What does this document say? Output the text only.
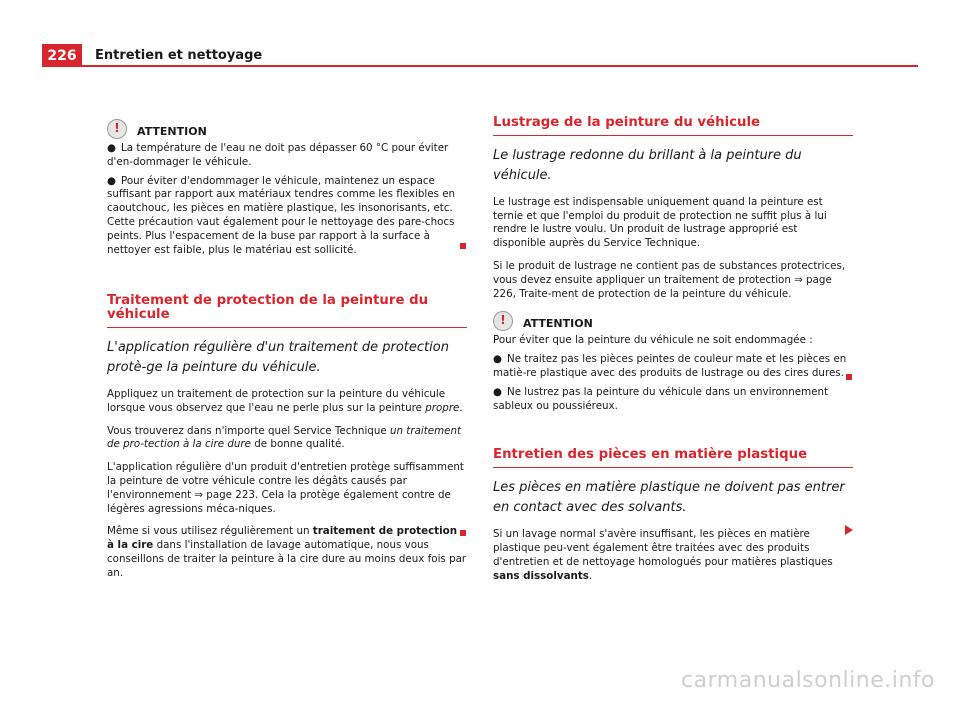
226	Entretien et nettoyage
!	ATTENTION

● La température de l'eau ne doit pas dépasser 60 °C pour éviter d'en-dommager le véhicule.

● Pour éviter d'endommager le véhicule, maintenez un espace suffisant par rapport aux matériaux tendres comme les flexibles en caoutchouc, les pièces en matière plastique, les insonorisants, etc. Cette précaution vaut également pour le nettoyage des pare-chocs peints. Plus l'espacement de la buse par rapport à la surface à nettoyer est faible, plus le matériau est sollicité.

Traitement de protection de la peinture du véhicule

L'application régulière d'un traitement de protection protè-ge la peinture du véhicule.

Appliquez un traitement de protection sur la peinture du véhicule lorsque vous observez que l'eau ne perle plus sur la peinture propre.

Vous trouverez dans n'importe quel Service Technique un traitement de pro-tection à la cire dure de bonne qualité.

L'application régulière d'un produit d'entretien protège suffisamment la peinture de votre véhicule contre les dégâts causés par l'environnement ⇒ page 223. Cela la protège également contre de légères agressions méca-niques.

Même si vous utilisez régulièrement un traitement de protection à la cire dans l'installation de lavage automatique, nous vous conseillons de traiter la peinture à la cire dure au moins deux fois par an.

Lustrage de la peinture du véhicule

Le lustrage redonne du brillant à la peinture du véhicule.

Le lustrage est indispensable uniquement quand la peinture est ternie et que l'emploi du produit de protection ne suffit plus à lui rendre le lustre voulu. Un produit de lustrage approprié est disponible auprès du Service Technique.

Si le produit de lustrage ne contient pas de substances protectrices, vous devez ensuite appliquer un traitement de protection ⇒ page 226, Traite-ment de protection de la peinture du véhicule.

!	ATTENTION

Pour éviter que la peinture du véhicule ne soit endommagée :

● Ne traitez pas les pièces peintes de couleur mate et les pièces en matiè-re plastique avec des produits de lustrage ou des cires dures.

● Ne lustrez pas la peinture du véhicule dans un environnement sableux ou poussiéreux.

Entretien des pièces en matière plastique

Les pièces en matière plastique ne doivent pas entrer en contact avec des solvants.

Si un lavage normal s'avère insuffisant, les pièces en matière plastique peu-vent également être traitées avec des produits d'entretien et de nettoyage homologués pour matières plastiques sans dissolvants.

carmanualsonline.info
